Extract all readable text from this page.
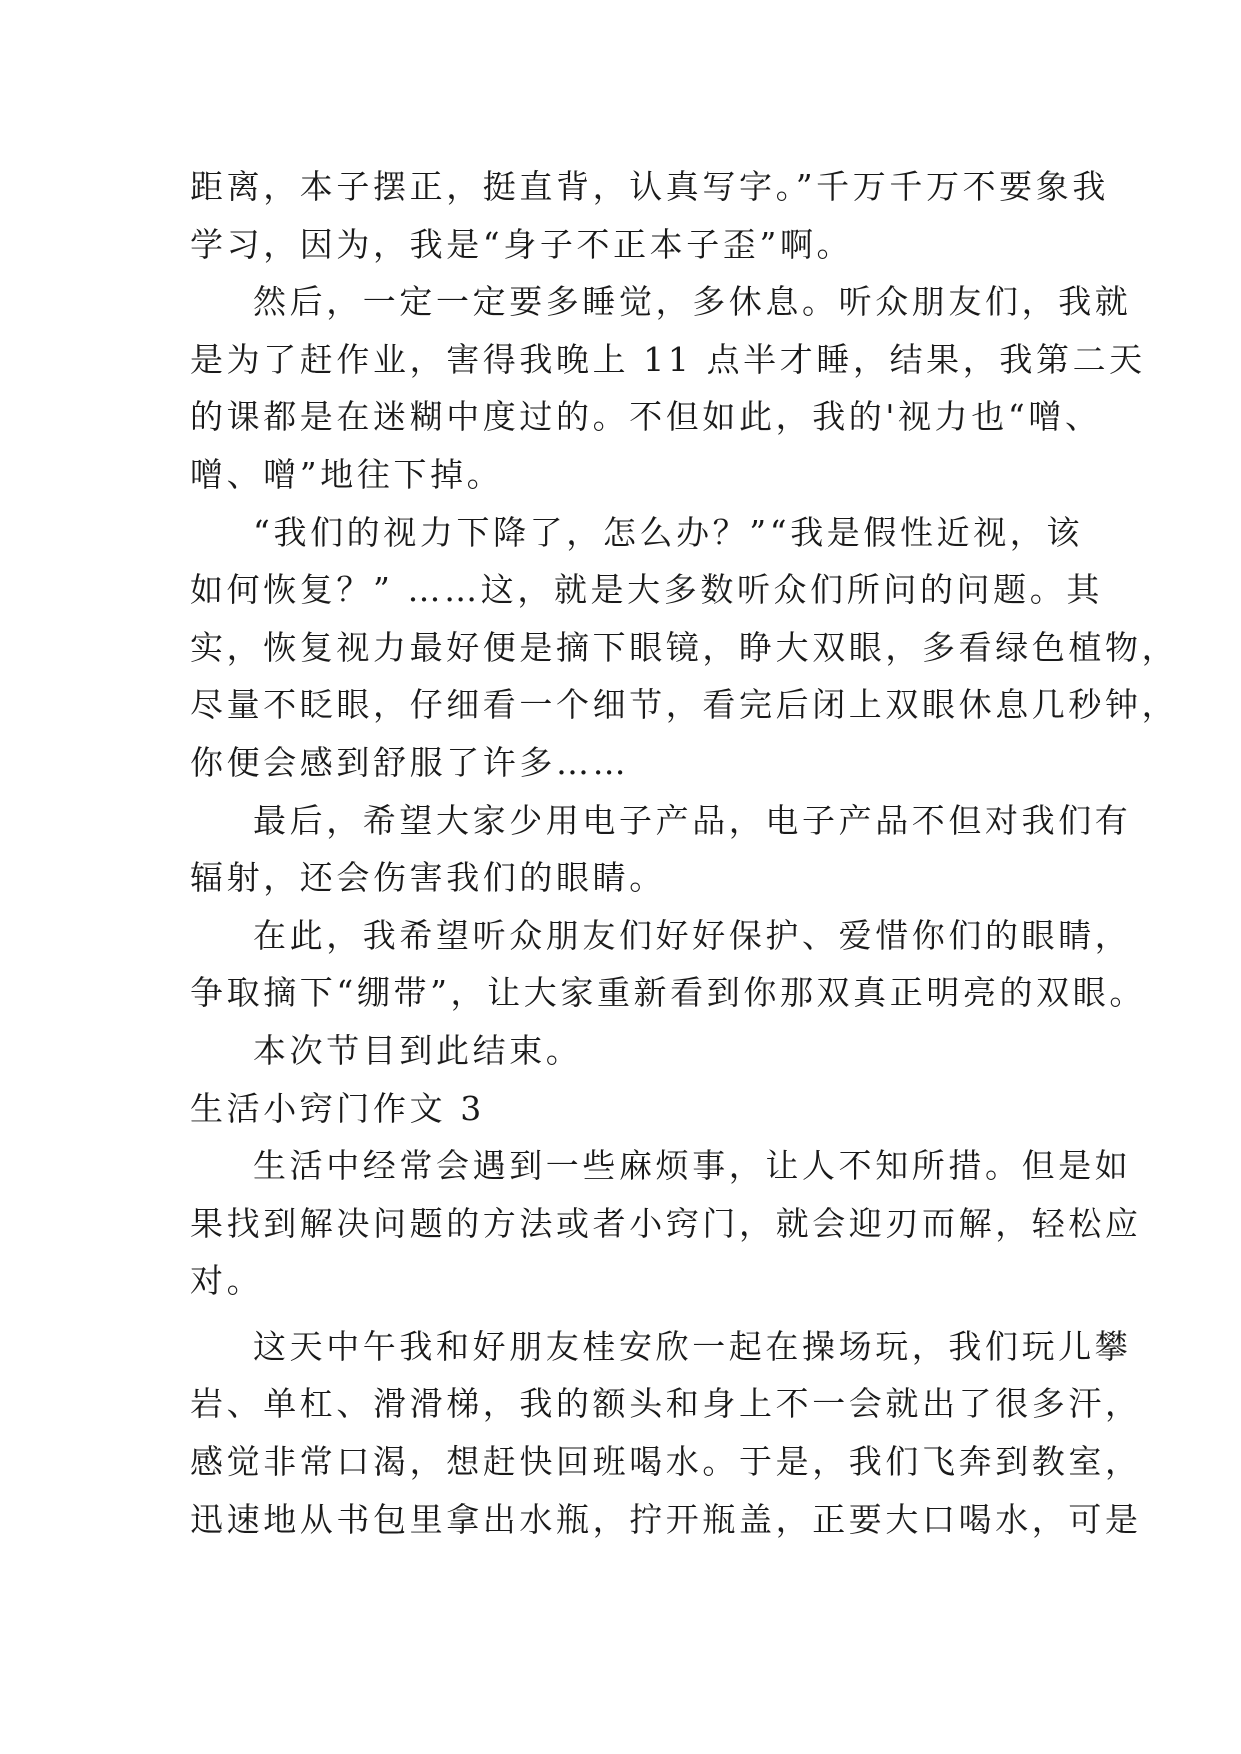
距离，本子摆正，挺直背，认真写字。”千万千万不要象我
学习，因为，我是“身子不正本子歪”啊。

然后，一定一定要多睡觉，多休息。听众朋友们，我就

是为了赶作业，害得我晚上 11 点半才睡，结果，我第二天
的课都是在迷糊中度过的。不但如此，我的'视力也“噌、
噌、噌”地往下掉。

“我们的视力下降了，怎么办？”“我是假性近视，该

如何恢复？” ……这，就是大多数听众们所问的问题。其
实，恢复视力最好便是摘下眼镜，睁大双眼，多看绿色植物，
尽量不眨眼，仔细看一个细节，看完后闭上双眼休息几秒钟，
你便会感到舒服了许多……

最后，希望大家少用电子产品，电子产品不但对我们有

辐射，还会伤害我们的眼睛。

在此，我希望听众朋友们好好保护、爱惜你们的眼睛，

争取摘下“绷带”，让大家重新看到你那双真正明亮的双眼。

本次节目到此结束。

生活小窍门作文 3

生活中经常会遇到一些麻烦事，让人不知所措。但是如

果找到解决问题的方法或者小窍门，就会迎刃而解，轻松应
对。

这天中午我和好朋友桂安欣一起在操场玩，我们玩儿攀

岩、单杠、滑滑梯，我的额头和身上不一会就出了很多汗，
感觉非常口渴，想赶快回班喝水。于是，我们飞奔到教室，
迅速地从书包里拿出水瓶，拧开瓶盖，正要大口喝水，可是
